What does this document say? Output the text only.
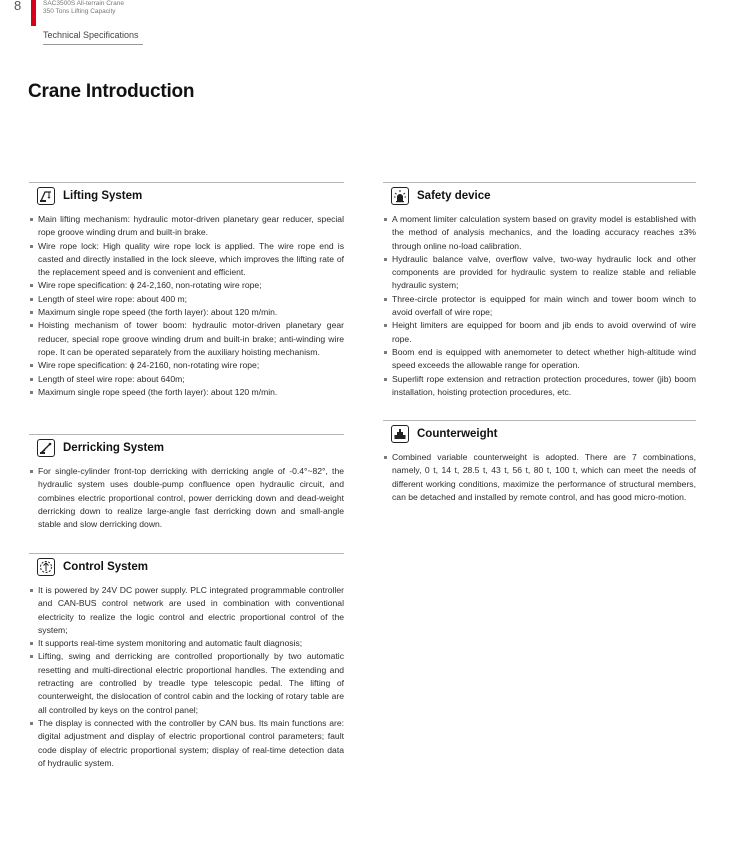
8	SAC3500S All-terrain Crane
350 Tons Lifting Capacity
Technical Specifications
Crane Introduction
Lifting System
Main lifting mechanism: hydraulic motor-driven planetary gear reducer, special rope groove winding drum and built-in brake.
Wire rope lock: High quality wire rope lock is applied. The wire rope end is casted and directly installed in the lock sleeve, which improves the lifting rate of the replacement speed and is convenient and efficient.
Wire rope specification: ϕ 24-2,160, non-rotating wire rope;
Length of steel wire rope: about 400 m;
Maximum single rope speed (the forth layer): about 120 m/min.
Hoisting mechanism of tower boom: hydraulic motor-driven planetary gear reducer, special rope groove winding drum and built-in brake; anti-winding wire rope. It can be operated separately from the auxiliary hoisting mechanism.
Wire rope specification: ϕ 24-2160, non-rotating wire rope;
Length of steel wire rope: about 640m;
Maximum single rope speed (the forth layer): about 120 m/min.
Derricking System
For single-cylinder front-top derricking with derricking angle of -0.4°~82°, the hydraulic system uses double-pump confluence open hydraulic circuit, and combines electric proportional control, power derricking down and dead-weight derricking down to realize large-angle fast derricking down and small-angle stable and slow derricking down.
Control System
It is powered by 24V DC power supply. PLC integrated programmable controller and CAN-BUS control network are used in combination with conventional electricity to realize the logic control and electric proportional control of the system;
It supports real-time system monitoring and automatic fault diagnosis;
Lifting, swing and derricking are controlled proportionally by two automatic resetting and multi-directional electric proportional handles. The extending and retracting are controlled by treadle type telescopic pedal. The lifting of counterweight, the dislocation of control cabin and the locking of rotary table are all controlled by keys on the control panel;
The display is connected with the controller by CAN bus. Its main functions are: digital adjustment and display of electric proportional control parameters; fault code display of electric proportional system; display of real-time detection data of hydraulic system.
Safety device
A moment limiter calculation system based on gravity model is established with the method of analysis mechanics, and the loading accuracy reaches ±3% through online no-load calibration.
Hydraulic balance valve, overflow valve, two-way hydraulic lock and other components are provided for hydraulic system to realize stable and reliable hydraulic system;
Three-circle protector is equipped for main winch and tower boom winch to avoid overfall of wire rope;
Height limiters are equipped for boom and jib ends to avoid overwind of wire rope.
Boom end is equipped with anemometer to detect whether high-altitude wind speed exceeds the allowable range for operation.
Superlift rope extension and retraction protection procedures, tower (jib) boom installation, hoisting protection procedures, etc.
Counterweight
Combined variable counterweight is adopted. There are 7 combinations, namely, 0 t, 14 t, 28.5 t, 43 t, 56 t, 80 t, 100 t, which can meet the needs of different working conditions, maximize the performance of structural members, can be detached and installed by remote control, and has good micro-motion.
